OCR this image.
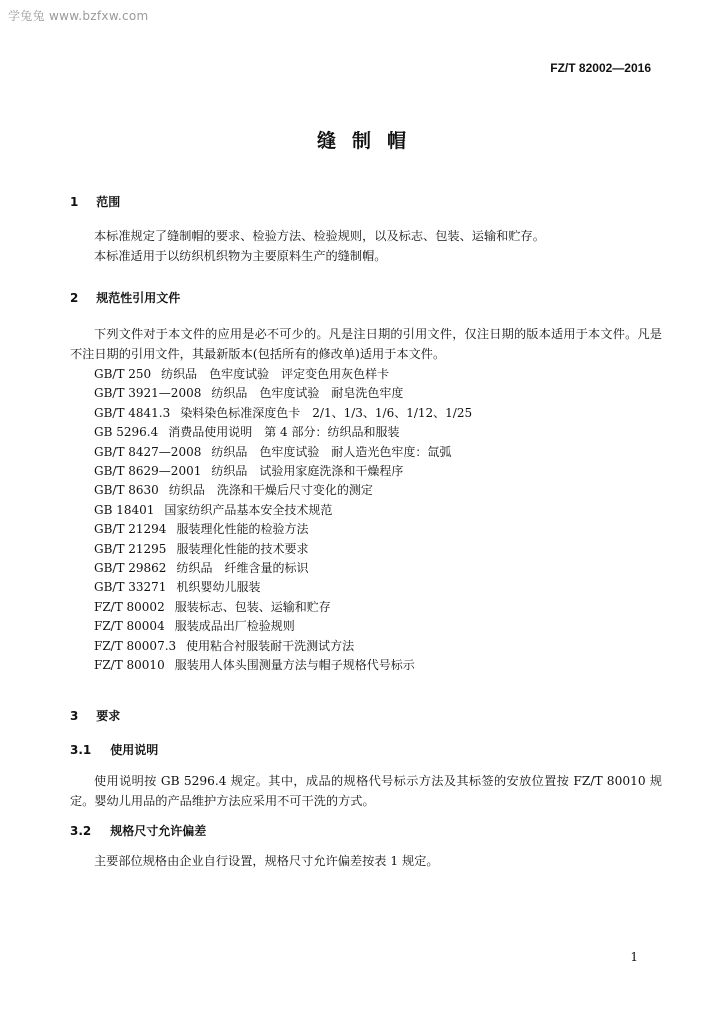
学兔兔 www.bzfxw.com
FZ/T 82002—2016
缝制帽
1 范围

本标准规定了缝制帽的要求、检验方法、检验规则，以及标志、包装、运输和贮存。

本标准适用于以纺织机织物为主要原料生产的缝制帽。

2 规范性引用文件

下列文件对于本文件的应用是必不可少的。凡是注日期的引用文件，仅注日期的版本适用于本文件。凡是不注日期的引用文件，其最新版本(包括所有的修改单)适用于本文件。

GB/T 250 纺织品　色牢度试验　评定变色用灰色样卡
GB/T 3921—2008 纺织品　色牢度试验　耐皂洗色牢度
GB/T 4841.3 染料染色标准深度色卡　2/1、1/3、1/6、1/12、1/25
GB 5296.4 消费品使用说明　第 4 部分：纺织品和服装
GB/T 8427—2008 纺织品　色牢度试验　耐人造光色牢度：氙弧
GB/T 8629—2001 纺织品　试验用家庭洗涤和干燥程序
GB/T 8630 纺织品　洗涤和干燥后尺寸变化的测定
GB 18401 国家纺织产品基本安全技术规范
GB/T 21294 服装理化性能的检验方法
GB/T 21295 服装理化性能的技术要求
GB/T 29862 纺织品　纤维含量的标识
GB/T 33271 机织婴幼儿服装
FZ/T 80002 服装标志、包装、运输和贮存
FZ/T 80004 服装成品出厂检验规则
FZ/T 80007.3 使用粘合衬服装耐干洗测试方法
FZ/T 80010 服装用人体头围测量方法与帽子规格代号标示
3 要求
3.1 使用说明

使用说明按 GB 5296.4 规定。其中，成品的规格代号标示方法及其标签的安放位置按 FZ/T 80010 规定。婴幼儿用品的产品维护方法应采用不可干洗的方式。

3.2 规格尺寸允许偏差

主要部位规格由企业自行设置，规格尺寸允许偏差按表 1 规定。

1
